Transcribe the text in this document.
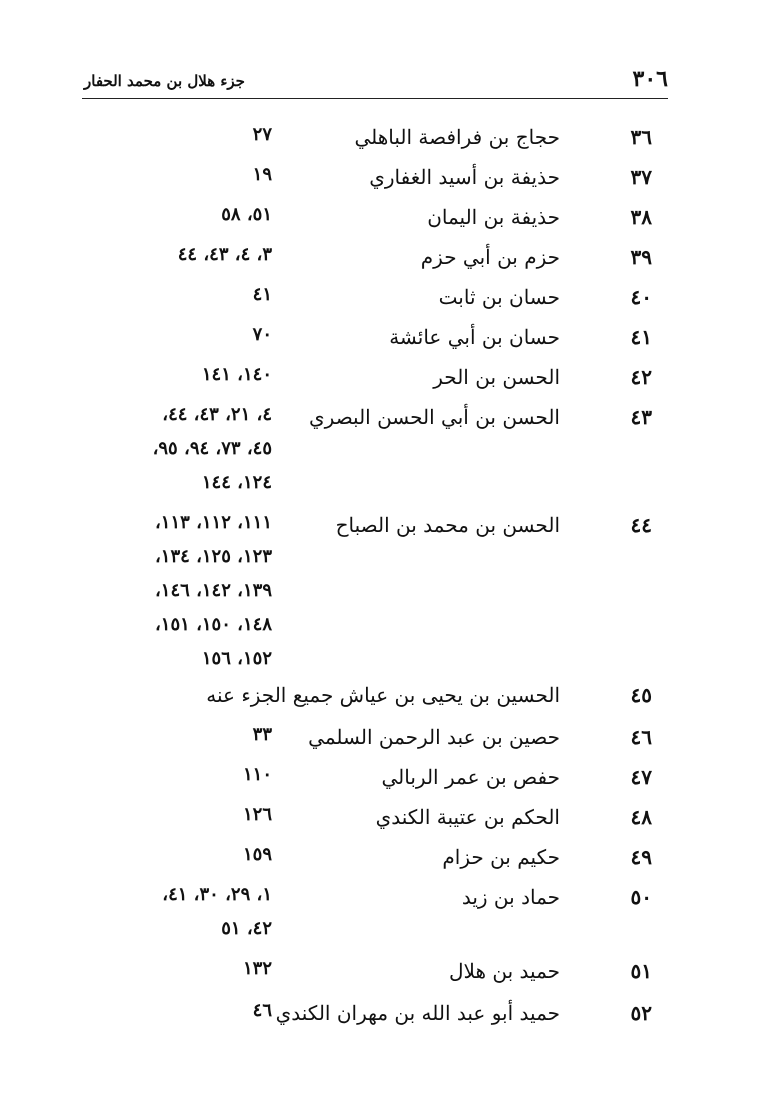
٣٠٦
جزء هلال بن محمد الحفار
٣٦
حجاج بن فرافصة الباهلي
٢٧
٣٧
حذيفة بن أسيد الغفاري
١٩
٣٨
حذيفة بن اليمان
٥١، ٥٨
٣٩
حزم بن أبي حزم
٣، ٤، ٤٣، ٤٤
٤٠
حسان بن ثابت
٤١
٤١
حسان بن أبي عائشة
٧٠
٤٢
الحسن بن الحر
١٤٠، ١٤١
٤٣
الحسن بن أبي الحسن البصري
٤، ٢١، ٤٣، ٤٤،
٤٥، ٧٣، ٩٤، ٩٥،
١٢٤، ١٤٤
٤٤
الحسن بن محمد بن الصباح
١١١، ١١٢، ١١٣،
١٢٣، ١٢٥، ١٣٤،
١٣٩، ١٤٢، ١٤٦،
١٤٨، ١٥٠، ١٥١،
١٥٢، ١٥٦
٤٥
الحسين بن يحيى بن عياش جميع الجزء عنه
٤٦
حصين بن عبد الرحمن السلمي
٣٣
٤٧
حفص بن عمر الربالي
١١٠
٤٨
الحكم بن عتيبة الكندي
١٢٦
٤٩
حكيم بن حزام
١٥٩
٥٠
حماد بن زيد
١، ٢٩، ٣٠، ٤١،
٤٢، ٥١
٥١
حميد بن هلال
١٣٢
٥٢
حميد أبو عبد الله بن مهران الكندي
٤٦
